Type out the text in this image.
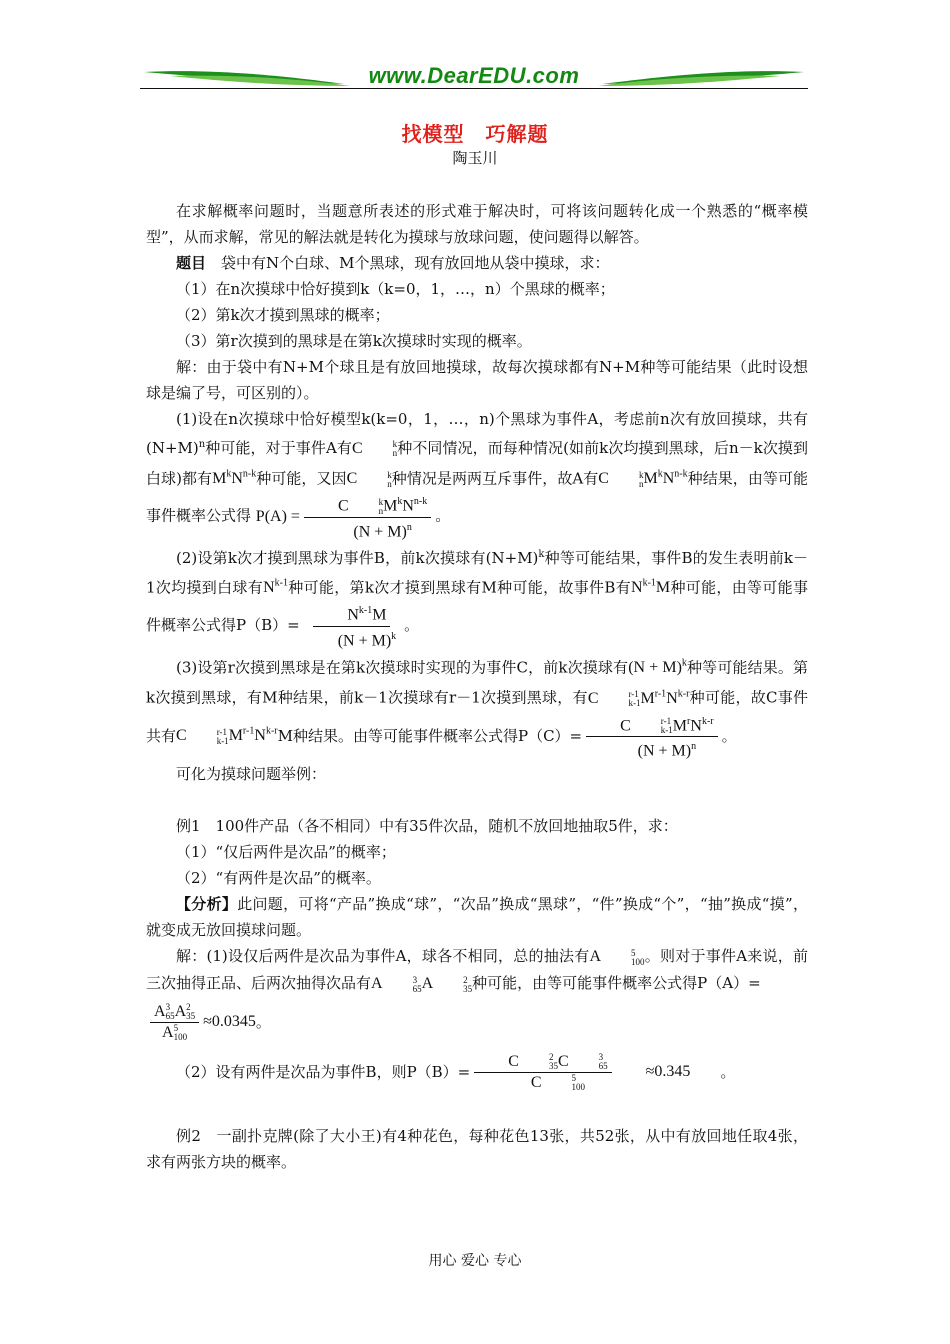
www.DearEDU.com
找模型　巧解题
陶玉川

在求解概率问题时，当题意所表述的形式难于解决时，可将该问题转化成一个熟悉的“概率模型”，从而求解，常见的解法就是转化为摸球与放球问题，使问题得以解答。

题目　袋中有N个白球、M个黑球，现有放回地从袋中摸球，求：

（1）在n次摸球中恰好摸到k（k=0，1，…，n）个黑球的概率；

（2）第k次才摸到黑球的概率；

（3）第r次摸到的黑球是在第k次摸球时实现的概率。

解：由于袋中有N+M个球且是有放回地摸球，故每次摸球都有N+M种等可能结果（此时设想球是编了号，可区别的）。

(1)设在n次摸球中恰好模型k(k=0，1，…，n)个黑球为事件A，考虑前n次有放回摸球，共有$(N+M)^n$种可能，对于事件A有C	k
n 种不同情况，而每种情况(如前k次均摸到黑球，后n－k次摸到白球)都有$M^kN^{n-k}$种可能，又因C	k
n 种情况是两两互斥事件，故A有C	k
n $M^kN^{n-k}$种结果，由等可能事件概率公式得 P(A) = C	k
n $M^kN^{n-k}$
$(N + M)^n$ 。

(2)设第k次才摸到黑球为事件B，前k次摸球有$(N+M)^k$种等可能结果，事件B的发生表明前k－1次均摸到白球有$N^{k-1}$种可能，第k次才摸到黑球有M种可能，故事件B有$N^{k-1}M$种可能，由等可能事件概率公式得$P(B)= \frac{N^{k-1}M}{(N + M)^k}$ 。

(3)设第r次摸到黑球是在第k次摸球时实现的为事件C，前k次摸球有$(N + M)^k$种等可能结果。第k次摸到黑球，有M种结果，前k－1次摸球有r－1次摸到黑球，有C	r-1
k-1 $M^{r-1}N^{k-r}$种可能，故C事件共有C	r-1
k-1 $M^{r-1}N^{k-r}M$种结果。由等可能事件概率公式得P（C）= C	r-1
k-1 $M^rN^{k-r}$
$(N + M)^n$ 。

可化为摸球问题举例：

例1　100件产品（各不相同）中有35件次品，随机不放回地抽取5件，求：

（1）“仅后两件是次品”的概率；

（2）“有两件是次品”的概率。

【分析】此问题，可将“产品”换成“球”，“次品”换成“黑球”，“件”换成“个”，“抽”换成“摸”，就变成无放回摸球问题。

解：(1)设仅后两件是次品为事件A，球各不相同，总的抽法有A	5
100 。则对于事件A来说，前三次抽得正品、后两次抽得次品有A	3
65 A	2
35 种可能，由等可能事件概率公式得P（A）=

A 3
65 A 2
35
A 5
100 ≈0.0345 。

（2）设有两件是次品为事件B，则P（B）= C	2
35 C	3
65
C	5
100	≈0.345	。

例2　一副扑克牌(除了大小王)有4种花色，每种花色13张，共52张，从中有放回地任取4张，求有两张方块的概率。

用心 爱心 专心
